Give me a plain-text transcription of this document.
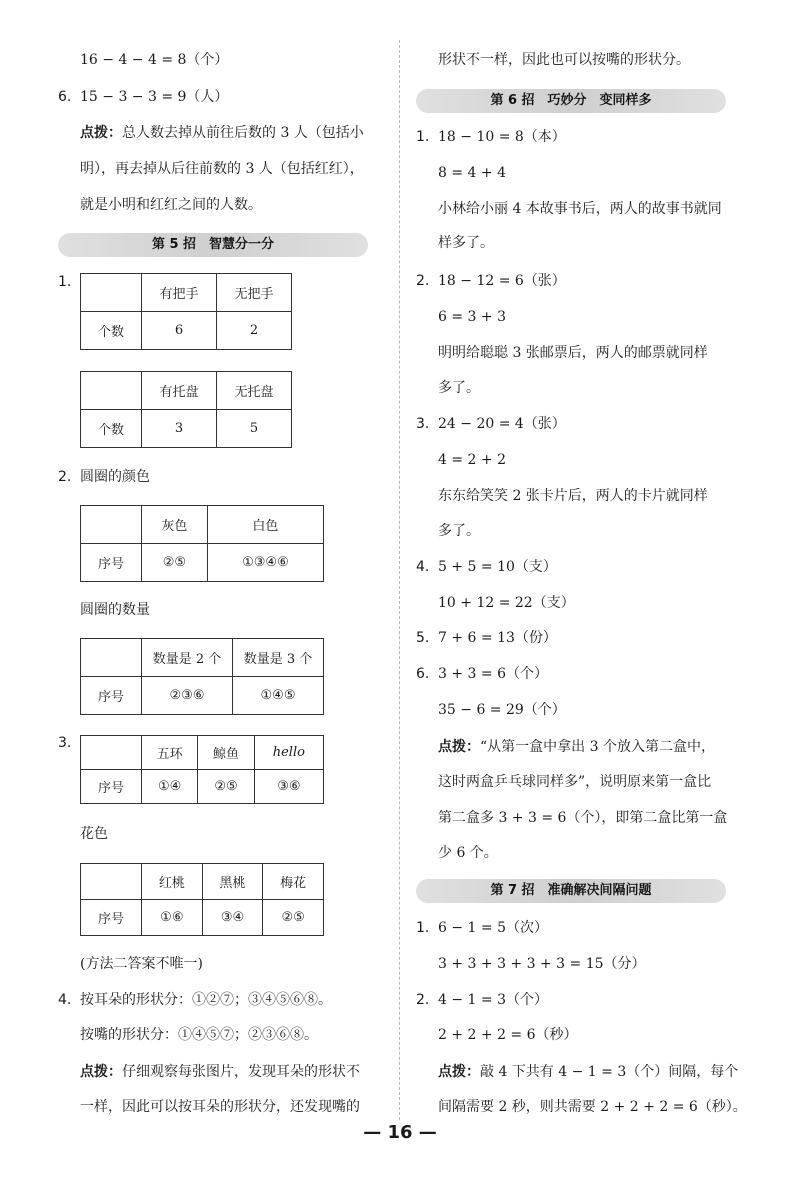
16 − 4 − 4 = 8（个）
6. 15 − 3 − 3 = 9（人）
点拨：总人数去掉从前往后数的 3 人（包括小
明），再去掉从后往前数的 3 人（包括红红），
就是小明和红红之间的人数。
第 5 招　智慧分一分
1.
	有把手	无把手
个数	6	2
	有托盘	无托盘
个数	3	5
2. 圆圈的颜色
	灰色	白色
序号	②⑤	①③④⑥
圆圈的数量
	数量是 2 个	数量是 3 个
序号	②③⑥	①④⑤
3.
	五环	鲸鱼	hello
序号	①④	②⑤	③⑥
花色
	红桃	黑桃	梅花
序号	①⑥	③④	②⑤
(方法二答案不唯一)
4. 按耳朵的形状分：①②⑦；③④⑤⑥⑧。
按嘴的形状分：①④⑤⑦；②③⑥⑧。
点拨：仔细观察每张图片，发现耳朵的形状不
一样，因此可以按耳朵的形状分，还发现嘴的
形状不一样，因此也可以按嘴的形状分。
第 6 招　巧妙分　变同样多
1. 18 − 10 = 8（本）
8 = 4 + 4
小林给小丽 4 本故事书后，两人的故事书就同
样多了。
2. 18 − 12 = 6（张）
6 = 3 + 3
明明给聪聪 3 张邮票后，两人的邮票就同样
多了。
3. 24 − 20 = 4（张）
4 = 2 + 2
东东给笑笑 2 张卡片后，两人的卡片就同样
多了。
4. 5 + 5 = 10（支）
10 + 12 = 22（支）
5. 7 + 6 = 13（份）
6. 3 + 3 = 6（个）
35 − 6 = 29（个）
点拨：“从第一盒中拿出 3 个放入第二盒中，
这时两盒乒乓球同样多”，说明原来第一盒比
第二盒多 3 + 3 = 6（个），即第二盒比第一盒
少 6 个。
第 7 招　准确解决间隔问题
1. 6 − 1 = 5（次）
3 + 3 + 3 + 3 + 3 = 15（分）
2. 4 − 1 = 3（个）
2 + 2 + 2 = 6（秒）
点拨：敲 4 下共有 4 − 1 = 3（个）间隔，每个
间隔需要 2 秒，则共需要 2 + 2 + 2 = 6（秒）。
— 16 —
